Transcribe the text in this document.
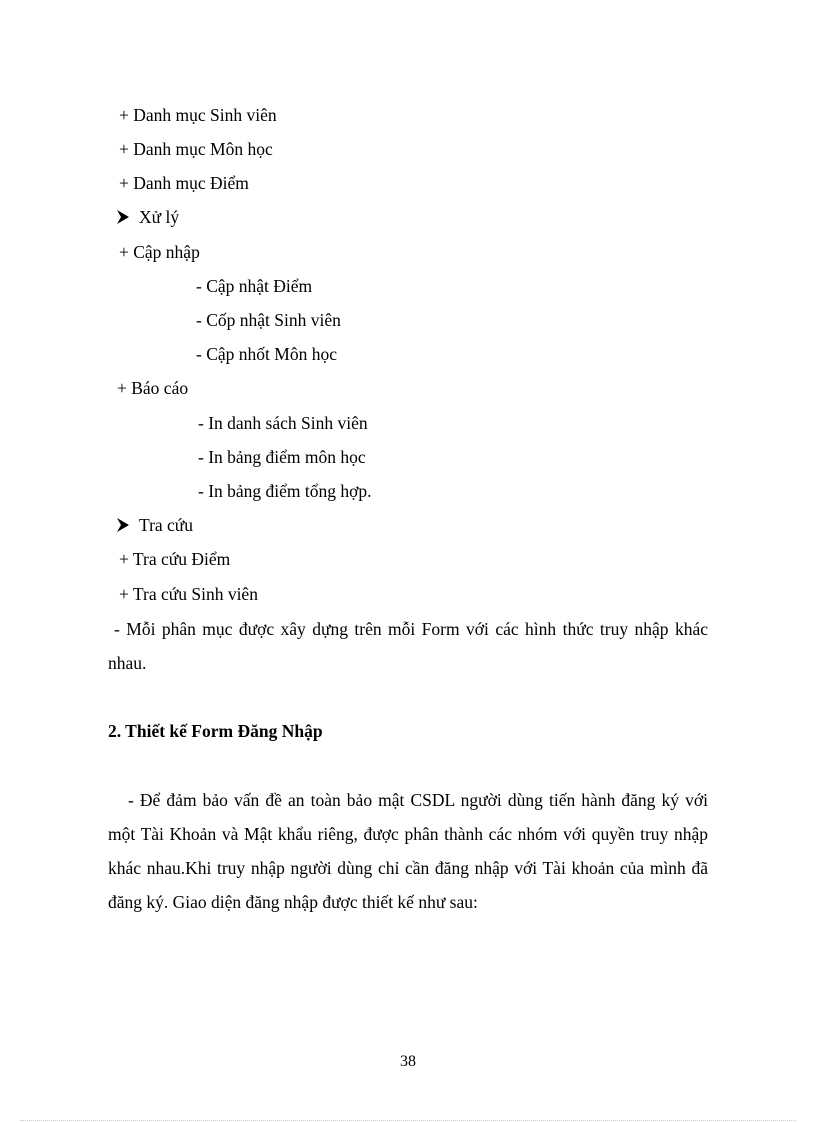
+ Danh mục Sinh viên
+ Danh mục Môn học
+ Danh mục Điểm
Xử lý
+ Cập nhập
- Cập nhật Điểm
- Cốp nhật Sinh viên
- Cập nhốt Môn học
+ Báo cáo
- In danh sách Sinh viên
- In bảng điểm môn học
- In bảng điểm tổng hợp.
Tra cứu
+ Tra cứu Điểm
+ Tra cứu Sinh viên
- Mỗi phân mục được xây dựng trên mỗi Form với các hình thức truy nhập khác nhau.
2. Thiết kế Form Đăng Nhập
- Để đảm bảo vấn đề an toàn bảo mật CSDL người dùng tiến hành đăng ký với một Tài Khoản và Mật khẩu riêng, được phân thành các nhóm với quyền truy nhập khác nhau.Khi truy nhập người dùng chỉ cần đăng nhập với Tài khoản của mình đã đăng ký. Giao diện đăng nhập được thiết kế như sau:
38
